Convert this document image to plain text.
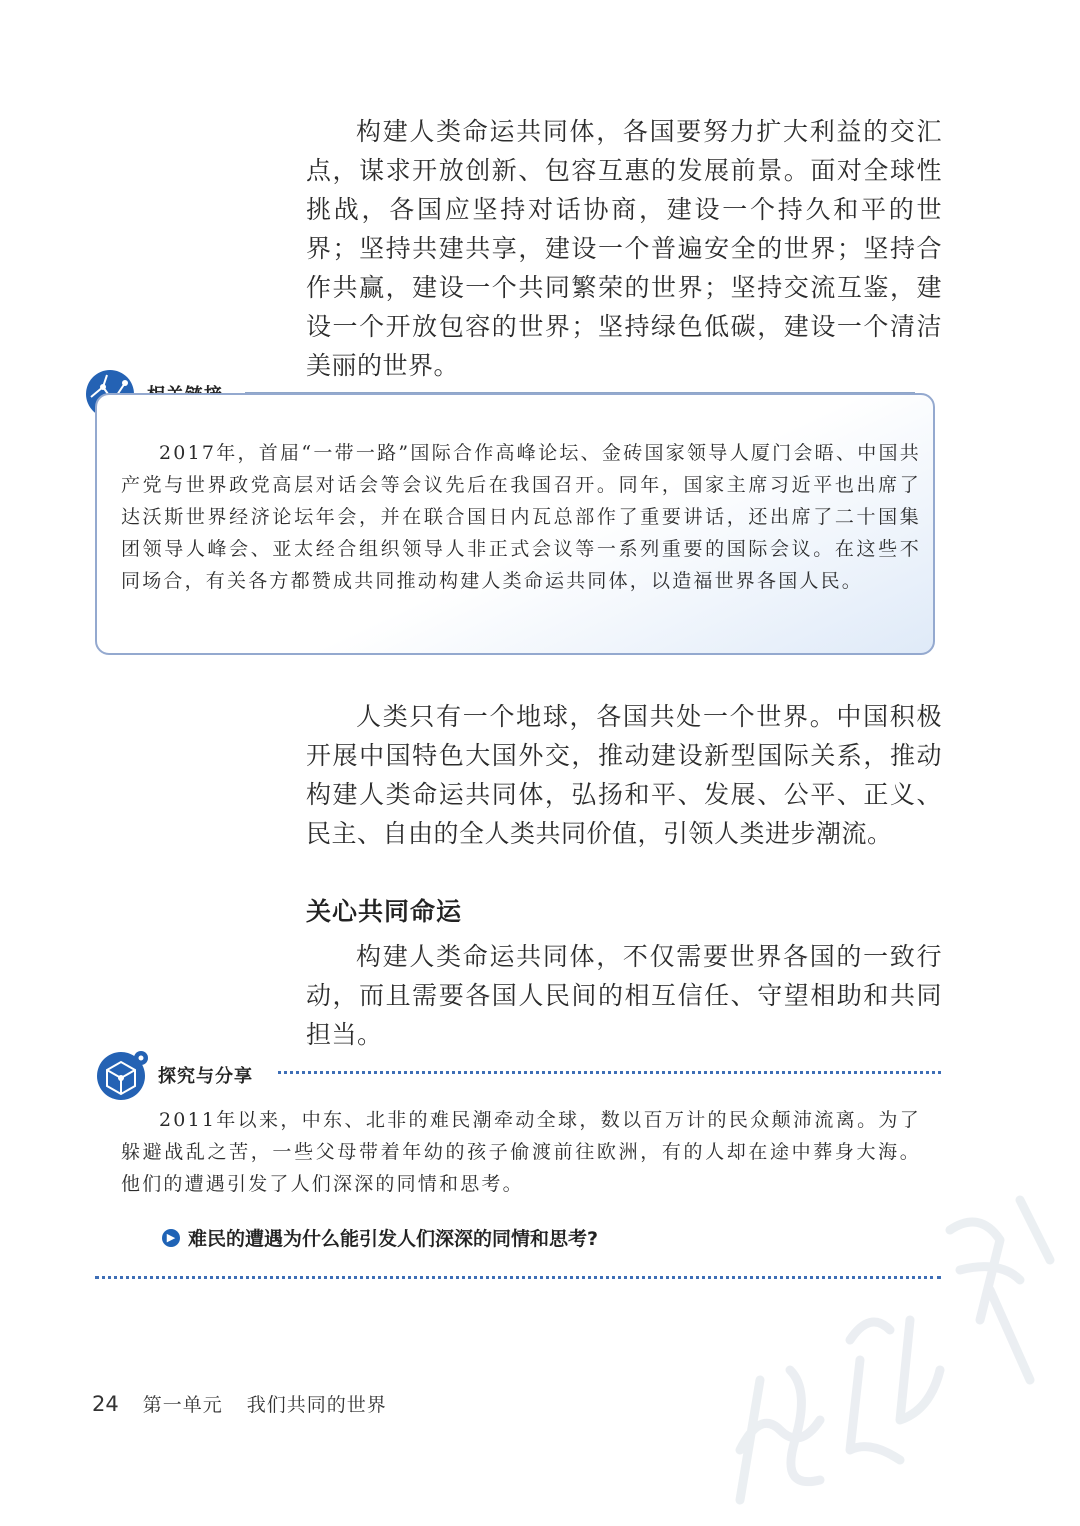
构建人类命运共同体，各国要努力扩大利益的交汇点，谋求开放创新、包容互惠的发展前景。面对全球性挑战，各国应坚持对话协商，建设一个持久和平的世界；坚持共建共享，建设一个普遍安全的世界；坚持合作共赢，建设一个共同繁荣的世界；坚持交流互鉴，建设一个开放包容的世界；坚持绿色低碳，建设一个清洁美丽的世界。

2017年，首届“一带一路”国际合作高峰论坛、金砖国家领导人厦门会晤、中国共产党与世界政党高层对话会等会议先后在我国召开。同年，国家主席习近平也出席了达沃斯世界经济论坛年会，并在联合国日内瓦总部作了重要讲话，还出席了二十国集团领导人峰会、亚太经合组织领导人非正式会议等一系列重要的国际会议。在这些不同场合，有关各方都赞成共同推动构建人类命运共同体，以造福世界各国人民。

人类只有一个地球，各国共处一个世界。中国积极开展中国特色大国外交，推动建设新型国际关系，推动构建人类命运共同体，弘扬和平、发展、公平、正义、民主、自由的全人类共同价值，引领人类进步潮流。

关心共同命运

构建人类命运共同体，不仅需要世界各国的一致行动，而且需要各国人民间的相互信任、守望相助和共同担当。

探究与分享

2011年以来，中东、北非的难民潮牵动全球，数以百万计的民众颠沛流离。为了躲避战乱之苦，一些父母带着年幼的孩子偷渡前往欧洲，有的人却在途中葬身大海。他们的遭遇引发了人们深深的同情和思考。

▶ 难民的遭遇为什么能引发人们深深的同情和思考?

24 第一单元 我们共同的世界
